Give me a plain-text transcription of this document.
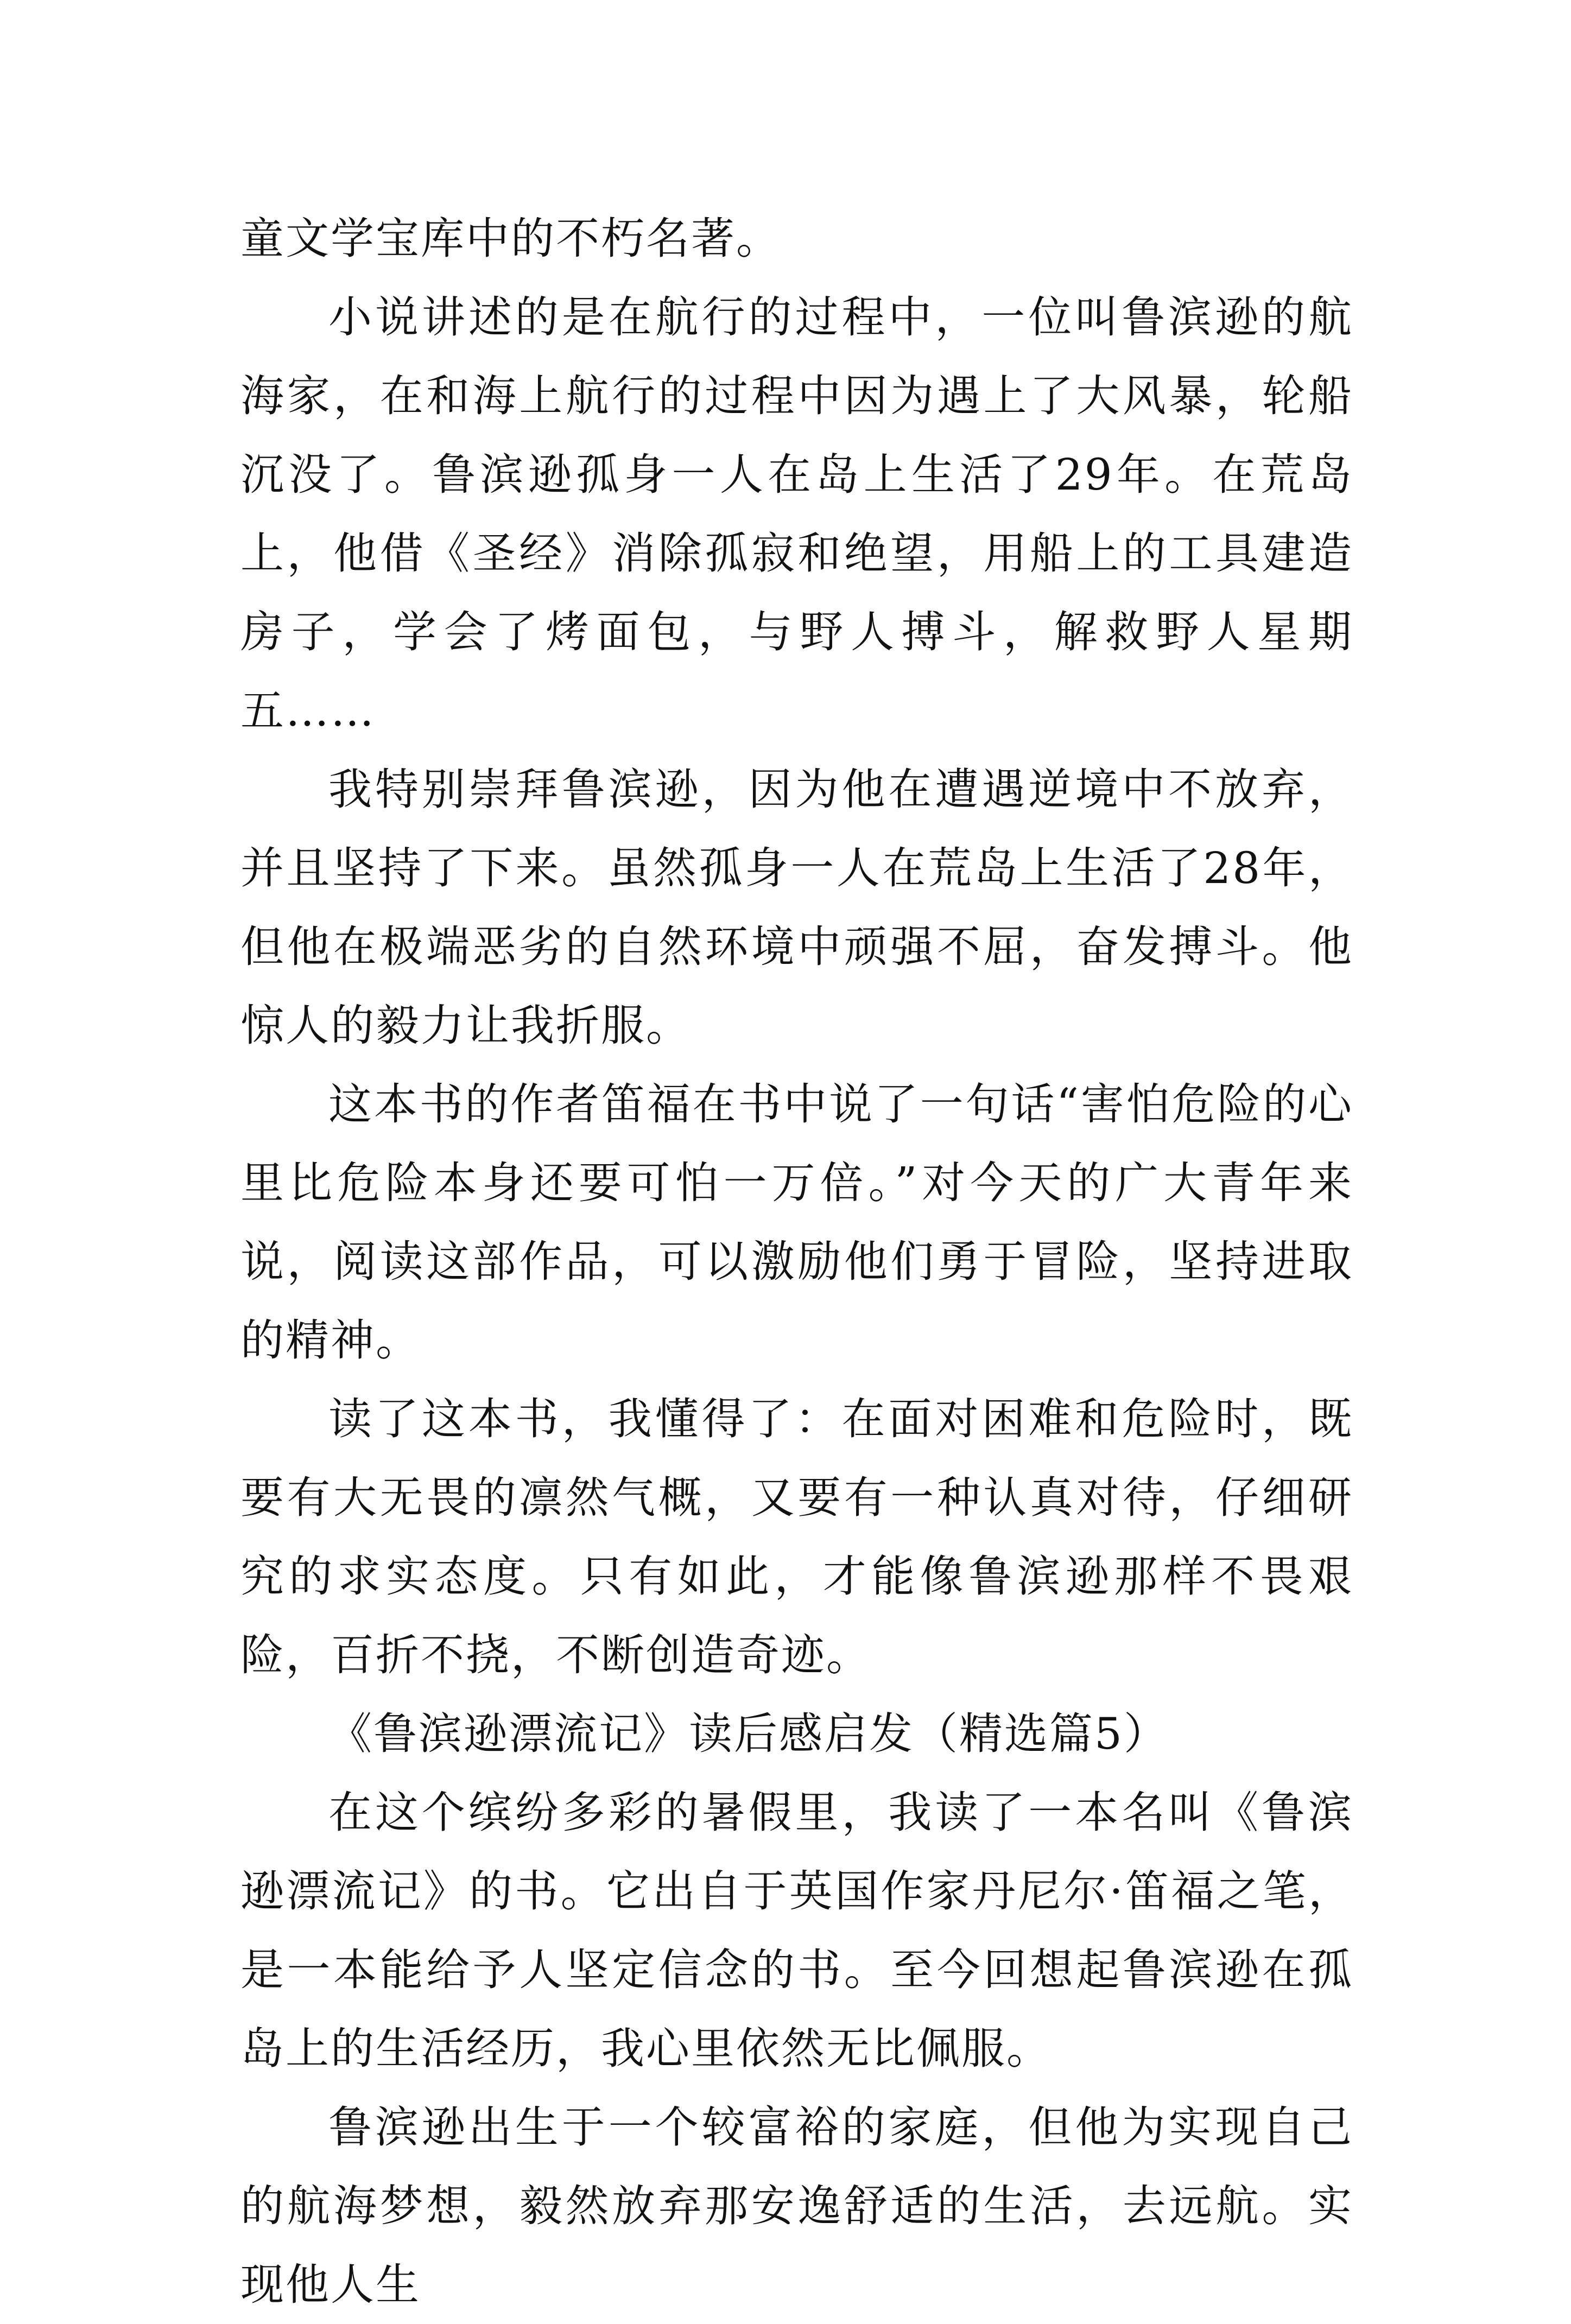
童文学宝库中的不朽名著。

小说讲述的是在航行的过程中，一位叫鲁滨逊的航海家，在和海上航行的过程中因为遇上了大风暴，轮船沉没了。鲁滨逊孤身一人在岛上生活了29年。在荒岛上，他借《圣经》消除孤寂和绝望，用船上的工具建造房子，学会了烤面包，与野人搏斗，解救野人星期五……

我特别崇拜鲁滨逊，因为他在遭遇逆境中不放弃，并且坚持了下来。虽然孤身一人在荒岛上生活了28年，但他在极端恶劣的自然环境中顽强不屈，奋发搏斗。他惊人的毅力让我折服。

这本书的作者笛福在书中说了一句话“害怕危险的心里比危险本身还要可怕一万倍。”对今天的广大青年来说，阅读这部作品，可以激励他们勇于冒险，坚持进取的精神。

读了这本书，我懂得了：在面对困难和危险时，既要有大无畏的凛然气概，又要有一种认真对待，仔细研究的求实态度。只有如此，才能像鲁滨逊那样不畏艰险，百折不挠，不断创造奇迹。

《鲁滨逊漂流记》读后感启发（精选篇5）

在这个缤纷多彩的暑假里，我读了一本名叫《鲁滨逊漂流记》的书。它出自于英国作家丹尼尔·笛福之笔，是一本能给予人坚定信念的书。至今回想起鲁滨逊在孤岛上的生活经历，我心里依然无比佩服。

鲁滨逊出生于一个较富裕的家庭，但他为实现自己的航海梦想，毅然放弃那安逸舒适的生活，去远航。实现他人生
